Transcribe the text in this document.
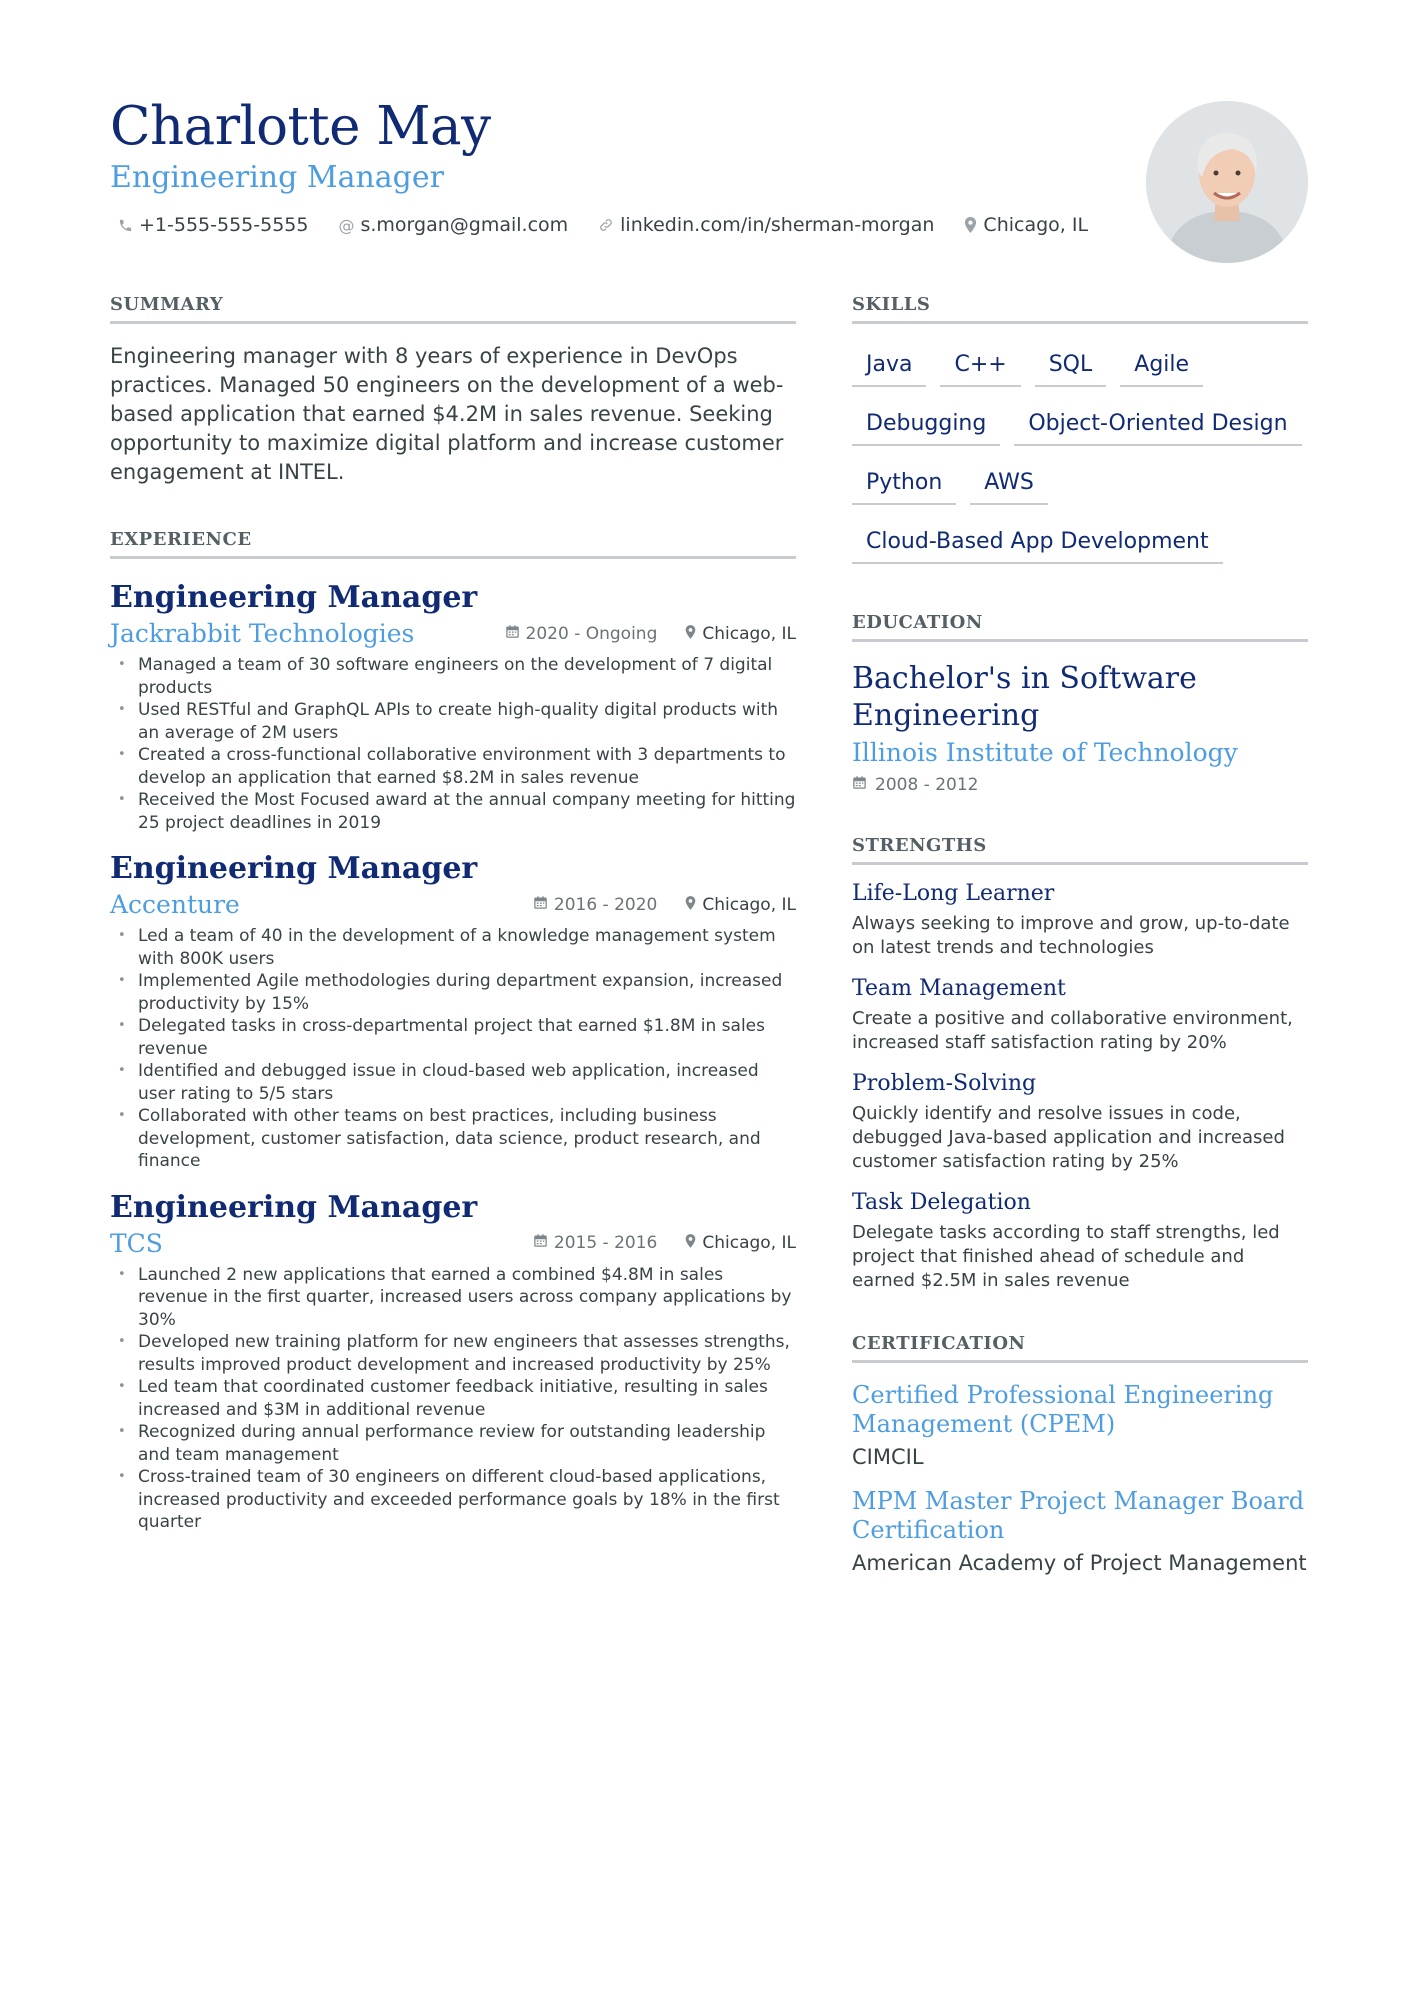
Charlotte May
Engineering Manager
+1-555-555-5555 @ s.morgan@gmail.com	linkedin.com/in/sherman-morgan	Chicago, IL
SUMMARY

Engineering manager with 8 years of experience in DevOps practices. Managed 50 engineers on the development of a web-based application that earned $4.2M in sales revenue. Seeking opportunity to maximize digital platform and increase customer engagement at INTEL.

EXPERIENCE
Engineering Manager
Jackrabbit Technologies	2020 - Ongoing	Chicago, IL
• Managed a team of 30 software engineers on the development of 7 digital products
• Used RESTful and GraphQL APIs to create high-quality digital products with an average of 2M users
• Created a cross-functional collaborative environment with 3 departments to develop an application that earned $8.2M in sales revenue
• Received the Most Focused award at the annual company meeting for hitting 25 project deadlines in 2019
Engineering Manager
Accenture	2016 - 2020	Chicago, IL
• Led a team of 40 in the development of a knowledge management system with 800K users
• Implemented Agile methodologies during department expansion, increased productivity by 15%
• Delegated tasks in cross-departmental project that earned $1.8M in sales revenue
• Identified and debugged issue in cloud-based web application, increased user rating to 5/5 stars
• Collaborated with other teams on best practices, including business development, customer satisfaction, data science, product research, and finance
Engineering Manager
TCS	2015 - 2016	Chicago, IL
• Launched 2 new applications that earned a combined $4.8M in sales revenue in the first quarter, increased users across company applications by 30%
• Developed new training platform for new engineers that assesses strengths, results improved product development and increased productivity by 25%
• Led team that coordinated customer feedback initiative, resulting in sales increased and $3M in additional revenue
• Recognized during annual performance review for outstanding leadership and team management
• Cross-trained team of 30 engineers on different cloud-based applications, increased productivity and exceeded performance goals by 18% in the first quarter
SKILLS
Java	C++	SQL	Agile
Debugging	Object-Oriented Design
Python	AWS
Cloud-Based App Development
EDUCATION
Bachelor's in Software Engineering
Illinois Institute of Technology
2008 - 2012
STRENGTHS
Life-Long Learner
Always seeking to improve and grow, up-to-date on latest trends and technologies
Team Management
Create a positive and collaborative environment, increased staff satisfaction rating by 20%
Problem-Solving
Quickly identify and resolve issues in code, debugged Java-based application and increased customer satisfaction rating by 25%
Task Delegation
Delegate tasks according to staff strengths, led project that finished ahead of schedule and earned $2.5M in sales revenue
CERTIFICATION
Certified Professional Engineering Management (CPEM)
CIMCIL
MPM Master Project Manager Board Certification
American Academy of Project Management
